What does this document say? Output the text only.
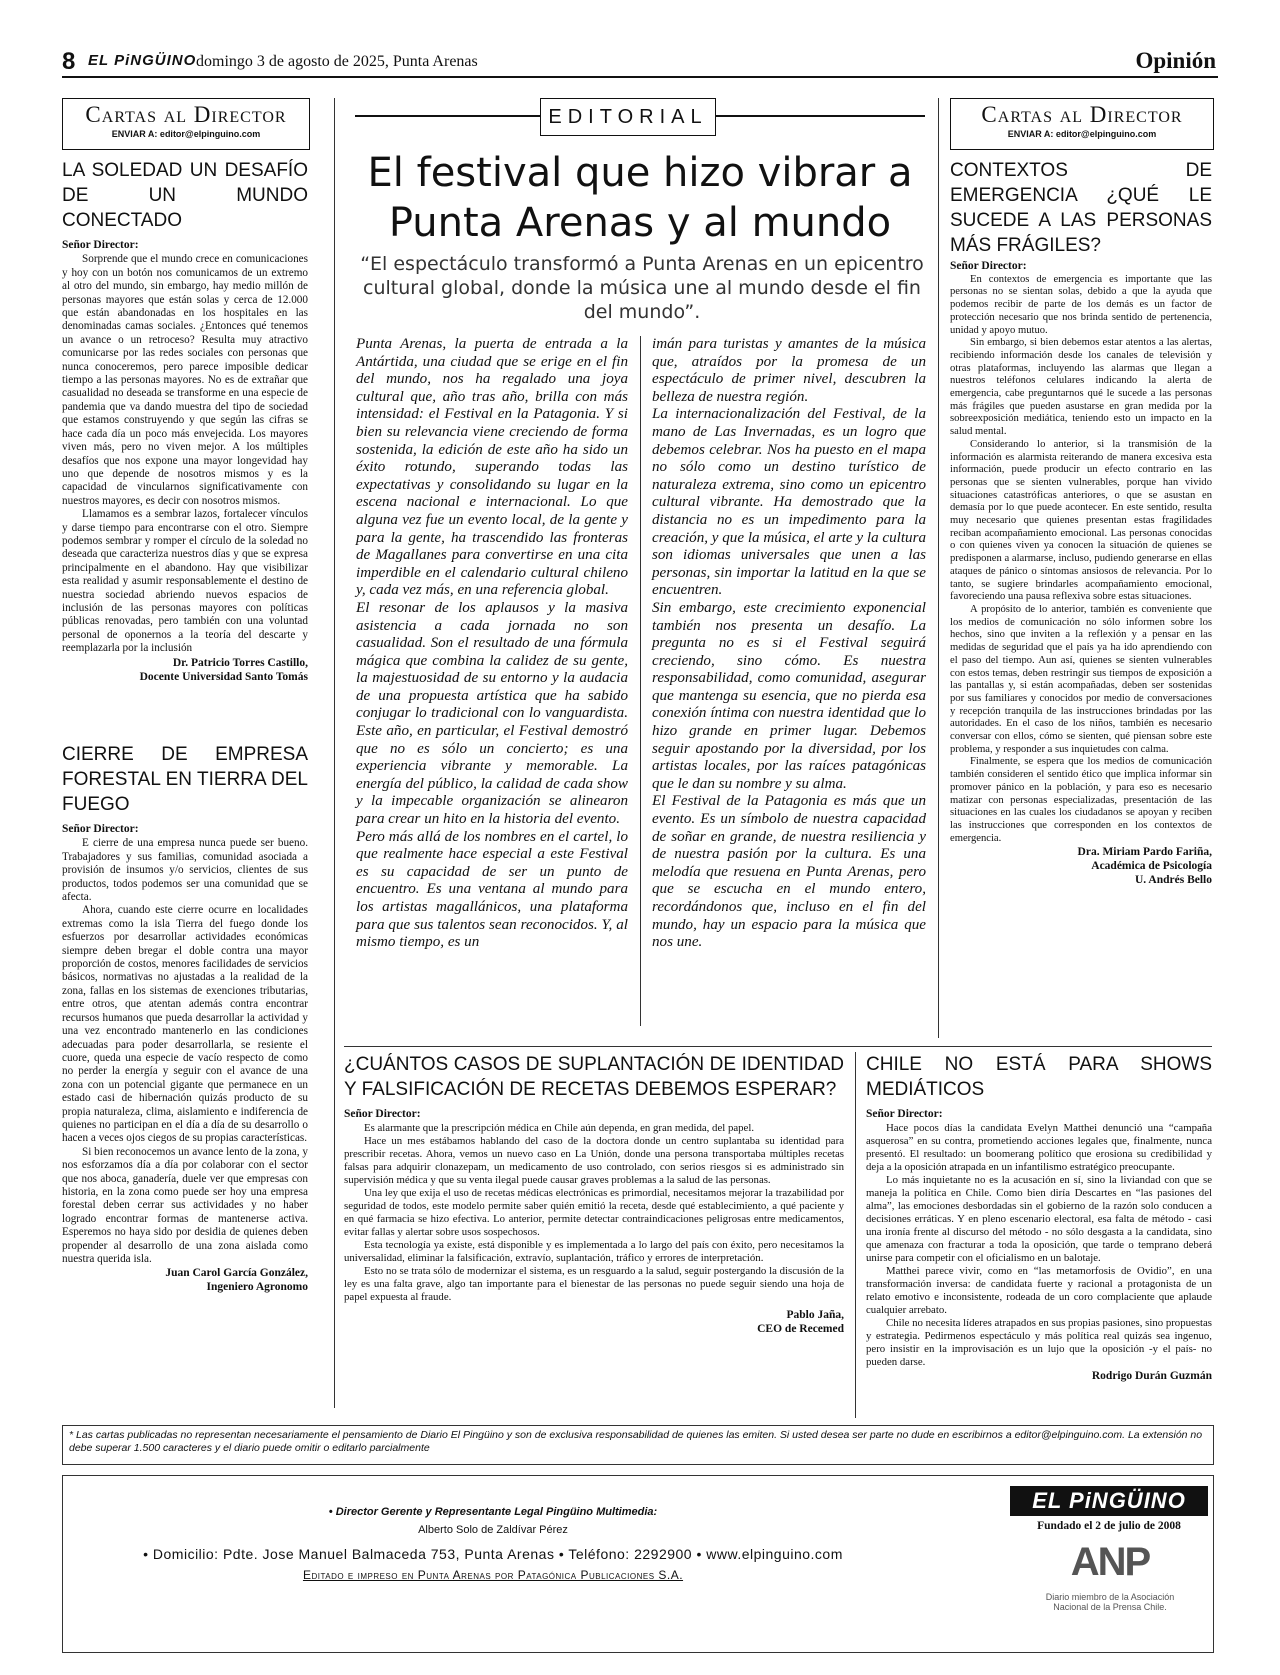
8 EL PiNGÜINO domingo 3 de agosto de 2025, Punta Arenas	Opinión
Cartas al Director
ENVIAR A: editor@elpinguino.com
LA SOLEDAD UN DESAFÍO DE UN MUNDO CONECTADO
Señor Director:

Sorprende que el mundo crece en comunicaciones y hoy con un botón nos comunicamos de un extremo al otro del mundo, sin embargo, hay medio millón de personas mayores que están solas y cerca de 12.000 que están abandonadas en los hospitales en las denominadas camas sociales. ¿Entonces qué tenemos un avance o un retroceso? Resulta muy atractivo comunicarse por las redes sociales con personas que nunca conoceremos, pero parece imposible dedicar tiempo a las personas mayores. No es de extrañar que casualidad no deseada se transforme en una especie de pandemia que va dando muestra del tipo de sociedad que estamos construyendo y que según las cifras se hace cada día un poco más envejecida. Los mayores viven más, pero no viven mejor. A los múltiples desafíos que nos expone una mayor longevidad hay uno que depende de nosotros mismos y es la capacidad de vincularnos significativamente con nuestros mayores, es decir con nosotros mismos.

Llamamos es a sembrar lazos, fortalecer vínculos y darse tiempo para encontrarse con el otro. Siempre podemos sembrar y romper el círculo de la soledad no deseada que caracteriza nuestros días y que se expresa principalmente en el abandono. Hay que visibilizar esta realidad y asumir responsablemente el destino de nuestra sociedad abriendo nuevos espacios de inclusión de las personas mayores con políticas públicas renovadas, pero también con una voluntad personal de oponernos a la teoría del descarte y reemplazarla por la inclusión

Dr. Patricio Torres Castillo,
Docente Universidad Santo Tomás
CIERRE DE EMPRESA FORESTAL EN TIERRA DEL FUEGO
Señor Director:

E cierre de una empresa nunca puede ser bueno. Trabajadores y sus familias, comunidad asociada a provisión de insumos y/o servicios, clientes de sus productos, todos podemos ser una comunidad que se afecta.

Ahora, cuando este cierre ocurre en localidades extremas como la isla Tierra del fuego donde los esfuerzos por desarrollar actividades económicas siempre deben bregar el doble contra una mayor proporción de costos, menores facilidades de servicios básicos, normativas no ajustadas a la realidad de la zona, fallas en los sistemas de exenciones tributarias, entre otros, que atentan además contra encontrar recursos humanos que pueda desarrollar la actividad y una vez encontrado mantenerlo en las condiciones adecuadas para poder desarrollarla, se resiente el cuore, queda una especie de vacío respecto de como no perder la energía y seguir con el avance de una zona con un potencial gigante que permanece en un estado casi de hibernación quizás producto de su propia naturaleza, clima, aislamiento e indiferencia de quienes no participan en el día a día de su desarrollo o hacen a veces ojos ciegos de su propias características.

Si bien reconocemos un avance lento de la zona, y nos esforzamos día a día por colaborar con el sector que nos aboca, ganadería, duele ver que empresas con historia, en la zona como puede ser hoy una empresa forestal deben cerrar sus actividades y no haber logrado encontrar formas de mantenerse activa. Esperemos no haya sido por desidia de quienes deben propender al desarrollo de una zona aislada como nuestra querida isla.

Juan Carol García González,
Ingeniero Agronomo
EDITORIAL
El festival que hizo vibrar a Punta Arenas y al mundo
“El espectáculo transformó a Punta Arenas en un epicentro cultural global, donde la música une al mundo desde el fin del mundo”.

Punta Arenas, la puerta de entrada a la Antártida, una ciudad que se erige en el fin del mundo, nos ha regalado una joya cultural que, año tras año, brilla con más intensidad: el Festival en la Patagonia. Y si bien su relevancia viene creciendo de forma sostenida, la edición de este año ha sido un éxito rotundo, superando todas las expectativas y consolidando su lugar en la escena nacional e internacional. Lo que alguna vez fue un evento local, de la gente y para la gente, ha trascendido las fronteras de Magallanes para convertirse en una cita imperdible en el calendario cultural chileno y, cada vez más, en una referencia global.

El resonar de los aplausos y la masiva asistencia a cada jornada no son casualidad. Son el resultado de una fórmula mágica que combina la calidez de su gente, la majestuosidad de su entorno y la audacia de una propuesta artística que ha sabido conjugar lo tradicional con lo vanguardista. Este año, en particular, el Festival demostró que no es sólo un concierto; es una experiencia vibrante y memorable. La energía del público, la calidad de cada show y la impecable organización se alinearon para crear un hito en la historia del evento.

Pero más allá de los nombres en el cartel, lo que realmente hace especial a este Festival es su capacidad de ser un punto de encuentro. Es una ventana al mundo para los artistas magallánicos, una plataforma para que sus talentos sean reconocidos. Y, al mismo tiempo, es un

imán para turistas y amantes de la música que, atraídos por la promesa de un espectáculo de primer nivel, descubren la belleza de nuestra región.

La internacionalización del Festival, de la mano de Las Invernadas, es un logro que debemos celebrar. Nos ha puesto en el mapa no sólo como un destino turístico de naturaleza extrema, sino como un epicentro cultural vibrante. Ha demostrado que la distancia no es un impedimento para la creación, y que la música, el arte y la cultura son idiomas universales que unen a las personas, sin importar la latitud en la que se encuentren.

Sin embargo, este crecimiento exponencial también nos presenta un desafío. La pregunta no es si el Festival seguirá creciendo, sino cómo. Es nuestra responsabilidad, como comunidad, asegurar que mantenga su esencia, que no pierda esa conexión íntima con nuestra identidad que lo hizo grande en primer lugar. Debemos seguir apostando por la diversidad, por los artistas locales, por las raíces patagónicas que le dan su nombre y su alma.

El Festival de la Patagonia es más que un evento. Es un símbolo de nuestra capacidad de soñar en grande, de nuestra resiliencia y de nuestra pasión por la cultura. Es una melodía que resuena en Punta Arenas, pero que se escucha en el mundo entero, recordándonos que, incluso en el fin del mundo, hay un espacio para la música que nos une.

Cartas al Director
ENVIAR A: editor@elpinguino.com
CONTEXTOS DE EMERGENCIA ¿QUÉ LE SUCEDE A LAS PERSONAS MÁS FRÁGILES?
Señor Director:

En contextos de emergencia es importante que las personas no se sientan solas, debido a que la ayuda que podemos recibir de parte de los demás es un factor de protección necesario que nos brinda sentido de pertenencia, unidad y apoyo mutuo.

Sin embargo, si bien debemos estar atentos a las alertas, recibiendo información desde los canales de televisión y otras plataformas, incluyendo las alarmas que llegan a nuestros teléfonos celulares indicando la alerta de emergencia, cabe preguntarnos qué le sucede a las personas más frágiles que pueden asustarse en gran medida por la sobreexposición mediática, teniendo esto un impacto en la salud mental.

Considerando lo anterior, si la transmisión de la información es alarmista reiterando de manera excesiva esta información, puede producir un efecto contrario en las personas que se sienten vulnerables, porque han vivido situaciones catastróficas anteriores, o que se asustan en demasía por lo que puede acontecer. En este sentido, resulta muy necesario que quienes presentan estas fragilidades reciban acompañamiento emocional. Las personas conocidas o con quienes viven ya conocen la situación de quienes se predisponen a alarmarse, incluso, pudiendo generarse en ellas ataques de pánico o síntomas ansiosos de relevancia. Por lo tanto, se sugiere brindarles acompañamiento emocional, favoreciendo una pausa reflexiva sobre estas situaciones.

A propósito de lo anterior, también es conveniente que los medios de comunicación no sólo informen sobre los hechos, sino que inviten a la reflexión y a pensar en las medidas de seguridad que el país ya ha ido aprendiendo con el paso del tiempo. Aun así, quienes se sienten vulnerables con estos temas, deben restringir sus tiempos de exposición a las pantallas y, si están acompañadas, deben ser sostenidas por sus familiares y conocidos por medio de conversaciones y recepción tranquila de las instrucciones brindadas por las autoridades. En el caso de los niños, también es necesario conversar con ellos, cómo se sienten, qué piensan sobre este problema, y responder a sus inquietudes con calma.

Finalmente, se espera que los medios de comunicación también consideren el sentido ético que implica informar sin promover pánico en la población, y para eso es necesario matizar con personas especializadas, presentación de las situaciones en las cuales los ciudadanos se apoyan y reciben las instrucciones que corresponden en los contextos de emergencia.

Dra. Miriam Pardo Fariña,
Académica de Psicología
U. Andrés Bello
¿CUÁNTOS CASOS DE SUPLANTACIÓN DE IDENTIDAD Y FALSIFICACIÓN DE RECETAS DEBEMOS ESPERAR?
Señor Director:

Es alarmante que la prescripción médica en Chile aún dependa, en gran medida, del papel.

Hace un mes estábamos hablando del caso de la doctora donde un centro suplantaba su identidad para prescribir recetas. Ahora, vemos un nuevo caso en La Unión, donde una persona transportaba múltiples recetas falsas para adquirir clonazepam, un medicamento de uso controlado, con serios riesgos si es administrado sin supervisión médica y que su venta ilegal puede causar graves problemas a la salud de las personas.

Una ley que exija el uso de recetas médicas electrónicas es primordial, necesitamos mejorar la trazabilidad por seguridad de todos, este modelo permite saber quién emitió la receta, desde qué establecimiento, a qué paciente y en qué farmacia se hizo efectiva. Lo anterior, permite detectar contraindicaciones peligrosas entre medicamentos, evitar fallas y alertar sobre usos sospechosos.

Esta tecnología ya existe, está disponible y es implementada a lo largo del país con éxito, pero necesitamos la universalidad, eliminar la falsificación, extravío, suplantación, tráfico y errores de interpretación.

Esto no se trata sólo de modernizar el sistema, es un resguardo a la salud, seguir postergando la discusión de la ley es una falta grave, algo tan importante para el bienestar de las personas no puede seguir siendo una hoja de papel expuesta al fraude.

Pablo Jaña,
CEO de Recemed
CHILE NO ESTÁ PARA SHOWS MEDIÁTICOS
Señor Director:

Hace pocos días la candidata Evelyn Matthei denunció una “campaña asquerosa” en su contra, prometiendo acciones legales que, finalmente, nunca presentó. El resultado: un boomerang político que erosiona su credibilidad y deja a la oposición atrapada en un infantilismo estratégico preocupante.

Lo más inquietante no es la acusación en sí, sino la liviandad con que se maneja la política en Chile. Como bien diría Descartes en “las pasiones del alma”, las emociones desbordadas sin el gobierno de la razón solo conducen a decisiones erráticas. Y en pleno escenario electoral, esa falta de método - casi una ironía frente al discurso del método - no sólo desgasta a la candidata, sino que amenaza con fracturar a toda la oposición, que tarde o temprano deberá unirse para competir con el oficialismo en un balotaje.

Matthei parece vivir, como en “las metamorfosis de Ovidio”, en una transformación inversa: de candidata fuerte y racional a protagonista de un relato emotivo e inconsistente, rodeada de un coro complaciente que aplaude cualquier arrebato.

Chile no necesita líderes atrapados en sus propias pasiones, sino propuestas y estrategia. Pedirmenos espectáculo y más política real quizás sea ingenuo, pero insistir en la improvisación es un lujo que la oposición -y el país- no pueden darse.

Rodrigo Durán Guzmán
* Las cartas publicadas no representan necesariamente el pensamiento de Diario El Pingüino y son de exclusiva responsabilidad de quienes las emiten. Si usted desea ser parte no dude en escribirnos a editor@elpinguino.com. La extensión no debe superar 1.500 caracteres y el diario puede omitir o editarlo parcialmente
• Director Gerente y Representante Legal Pingüino Multimedia:
Alberto Solo de Zaldívar Pérez
• Domicilio: Pdte. Jose Manuel Balmaceda 753, Punta Arenas • Teléfono: 2292900 • www.elpinguino.com
Editado e impreso en Punta Arenas por Patagónica Publicaciones S.A.
EL PiNGÜINO
Fundado el 2 de julio de 2008
ANP
Diario miembro de la Asociación Nacional de la Prensa Chile.
